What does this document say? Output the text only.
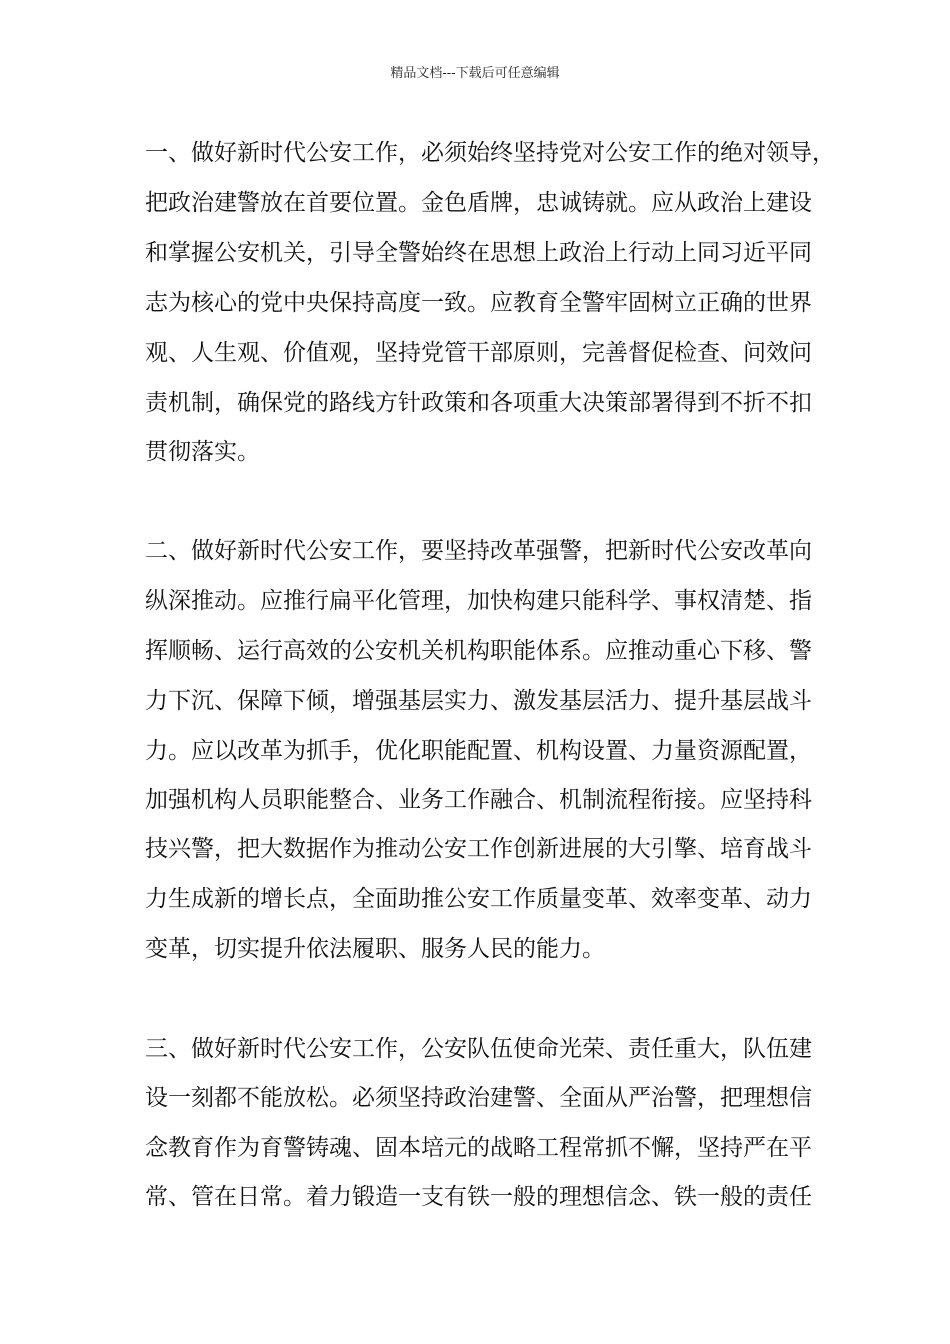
精品文档---下载后可任意编辑
一、做好新时代公安工作，必须始终坚持党对公安工作的绝对领导，
把政治建警放在首要位置。金色盾牌，忠诚铸就。应从政治上建设
和掌握公安机关，引导全警始终在思想上政治上行动上同习近平同
志为核心的党中央保持高度一致。应教育全警牢固树立正确的世界
观、人生观、价值观，坚持党管干部原则，完善督促检查、问效问
责机制，确保党的路线方针政策和各项重大决策部署得到不折不扣
贯彻落实。
二、做好新时代公安工作，要坚持改革强警，把新时代公安改革向
纵深推动。应推行扁平化管理，加快构建只能科学、事权清楚、指
挥顺畅、运行高效的公安机关机构职能体系。应推动重心下移、警
力下沉、保障下倾，增强基层实力、激发基层活力、提升基层战斗
力。应以改革为抓手，优化职能配置、机构设置、力量资源配置，
加强机构人员职能整合、业务工作融合、机制流程衔接。应坚持科
技兴警，把大数据作为推动公安工作创新进展的大引擎、培育战斗
力生成新的增长点，全面助推公安工作质量变革、效率变革、动力
变革，切实提升依法履职、服务人民的能力。
三、做好新时代公安工作，公安队伍使命光荣、责任重大，队伍建
设一刻都不能放松。必须坚持政治建警、全面从严治警，把理想信
念教育作为育警铸魂、固本培元的战略工程常抓不懈，坚持严在平
常、管在日常。着力锻造一支有铁一般的理想信念、铁一般的责任
